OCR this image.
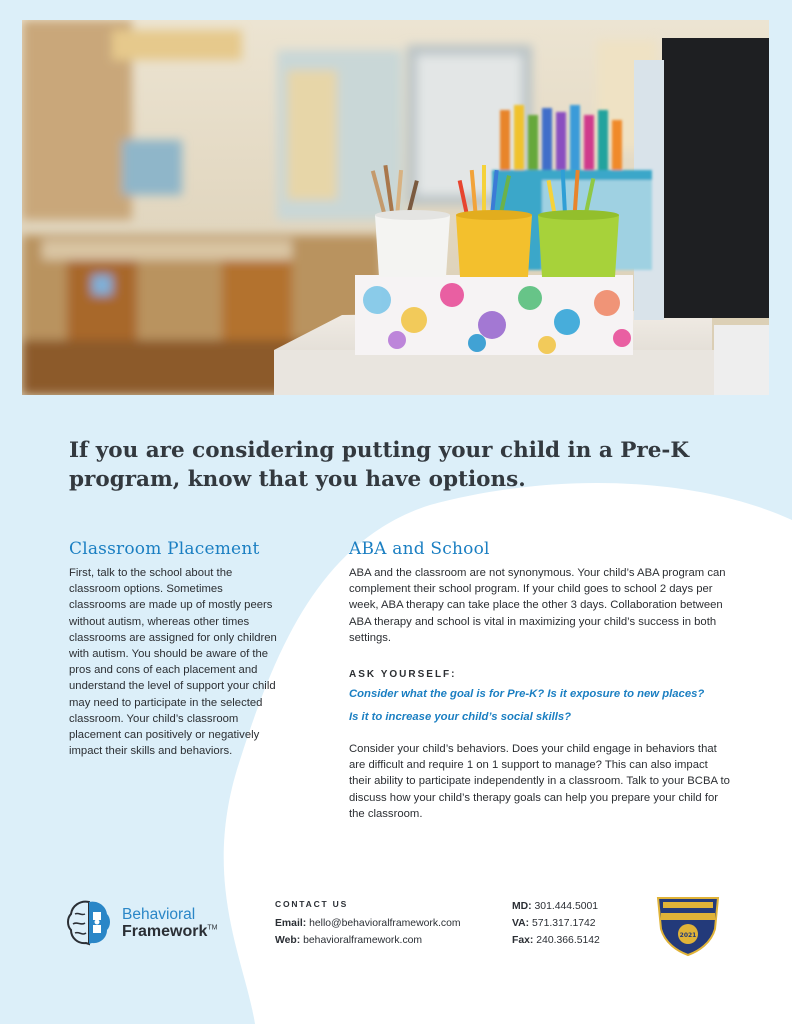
If you are considering putting your child in a Pre-K program, know that you have options.
Classroom Placement

First, talk to the school about the classroom options. Sometimes classrooms are made up of mostly peers without autism, whereas other times classrooms are assigned for only children with autism. You should be aware of the pros and cons of each placement and understand the level of support your child may need to participate in the selected classroom. Your child’s classroom placement can positively or negatively impact their skills and behaviors.

ABA and School

ABA and the classroom are not synonymous. Your child’s ABA program can complement their school program. If your child goes to school 2 days per week, ABA therapy can take place the other 3 days. Collaboration between ABA therapy and school is vital in maximizing your child’s success in both settings.

ASK YOURSELF:

Consider what the goal is for Pre-K? Is it exposure to new places?

Is it to increase your child’s social skills?

Consider your child’s behaviors. Does your child engage in behaviors that are difficult and require 1 on 1 support to manage? This can also impact their ability to participate independently in a classroom. Talk to your BCBA to discuss how your child’s therapy goals can help you prepare your child for the classroom.

Behavioral
Framework™

CONTACT US

Email: hello@behavioralframework.com

Web: behavioralframework.com

MD: 301.444.5001

VA: 571.317.1742

Fax: 240.366.5142	2021
